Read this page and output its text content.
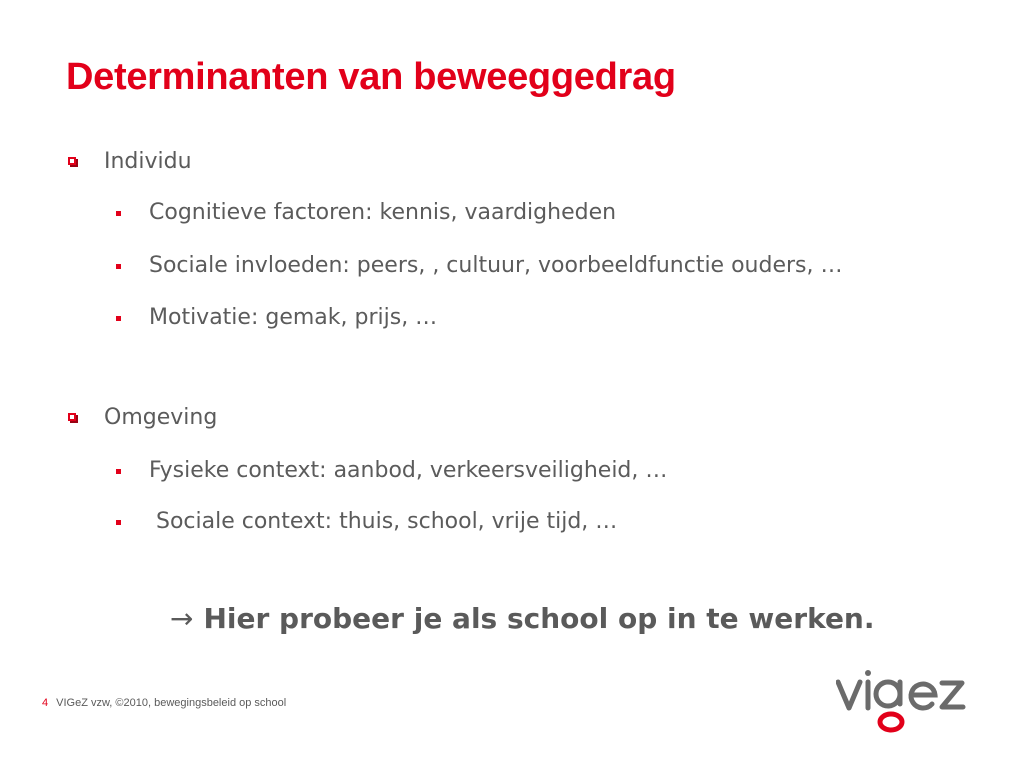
Determinanten van beweeggedrag
Individu
Cognitieve factoren: kennis, vaardigheden
Sociale invloeden: peers, , cultuur, voorbeeldfunctie ouders, …
Motivatie: gemak, prijs, …
Omgeving
Fysieke context: aanbod, verkeersveiligheid, …
Sociale context: thuis, school, vrije tijd, …
→ Hier probeer je als school op in te werken.
4 VIGeZ vzw, ©2010, bewegingsbeleid op school
